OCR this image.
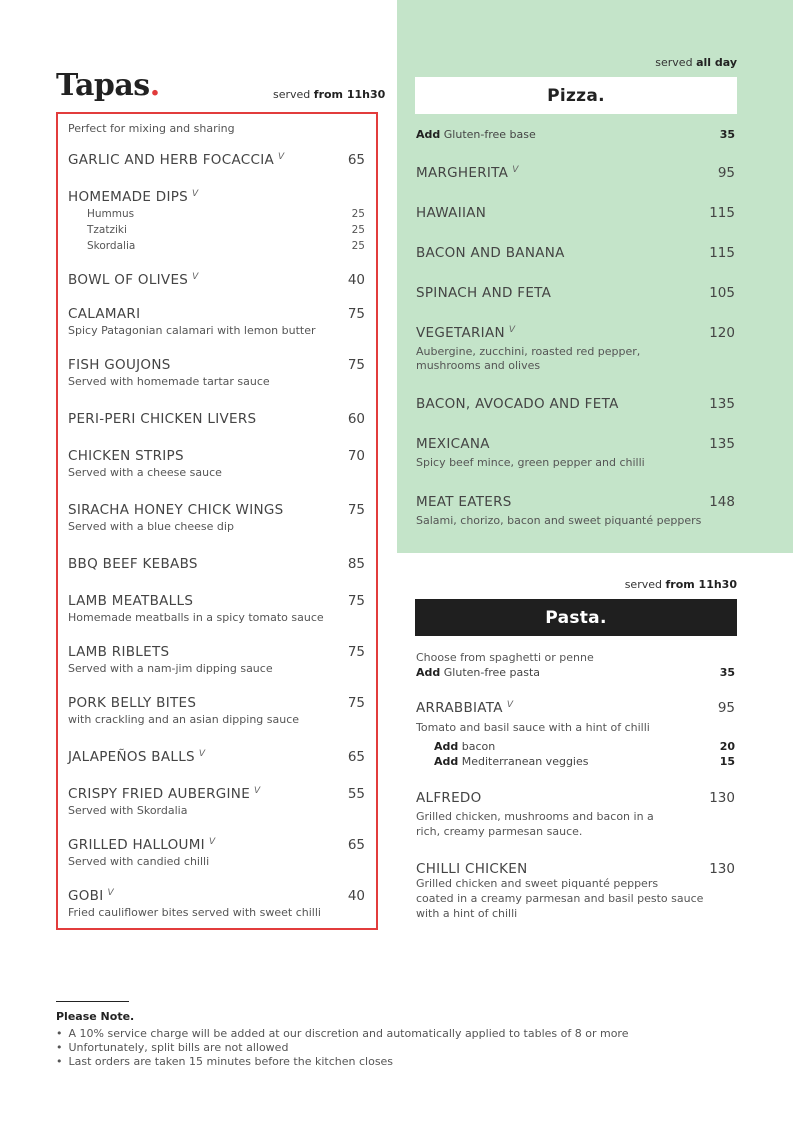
Tapas.	served from 11h30
Perfect for mixing and sharing
GARLIC AND HERB FOCACCIA $^V$	65
HOMEMADE DIPS $^V$
Hummus	25
Tzatziki	25
Skordalia	25
BOWL OF OLIVES $^V$	40
CALAMARI	75
Spicy Patagonian calamari with lemon butter
FISH GOUJONS	75
Served with homemade tartar sauce
PERI-PERI CHICKEN LIVERS	60
CHICKEN STRIPS	70
Served with a cheese sauce
SIRACHA HONEY CHICK WINGS	75
Served with a blue cheese dip
BBQ BEEF KEBABS	85
LAMB MEATBALLS	75
Homemade meatballs in a spicy tomato sauce
LAMB RIBLETS	75
Served with a nam-jim dipping sauce
PORK BELLY BITES	75
with crackling and an asian dipping sauce
JALAPEÑOS BALLS $^V$	65
CRISPY FRIED AUBERGINE $^V$	55
Served with Skordalia
GRILLED HALLOUMI $^V$	65
Served with candied chilli
GOBI $^V$	40
Fried cauliflower bites served with sweet chilli
served all day
Pizza.
Add Gluten-free base	35
MARGHERITA $^V$	95
HAWAIIAN	115
BACON AND BANANA	115
SPINACH AND FETA	105
VEGETARIAN $^V$	120
Aubergine, zucchini, roasted red pepper,
mushrooms and olives
BACON, AVOCADO AND FETA	135
MEXICANA	135
Spicy beef mince, green pepper and chilli
MEAT EATERS	148
Salami, chorizo, bacon and sweet piquanté peppers
served from 11h30
Pasta.
Choose from spaghetti or penne
Add Gluten-free pasta	35
ARRABBIATA $^V$	95
Tomato and basil sauce with a hint of chilli
Add bacon	20
Add Mediterranean veggies	15
ALFREDO	130
Grilled chicken, mushrooms and bacon in a
rich, creamy parmesan sauce.
CHILLI CHICKEN	130
Grilled chicken and sweet piquanté peppers
coated in a creamy parmesan and basil pesto sauce
with a hint of chilli
Please Note.
• A 10% service charge will be added at our discretion and automatically applied to tables of 8 or more
• Unfortunately, split bills are not allowed
• Last orders are taken 15 minutes before the kitchen closes
